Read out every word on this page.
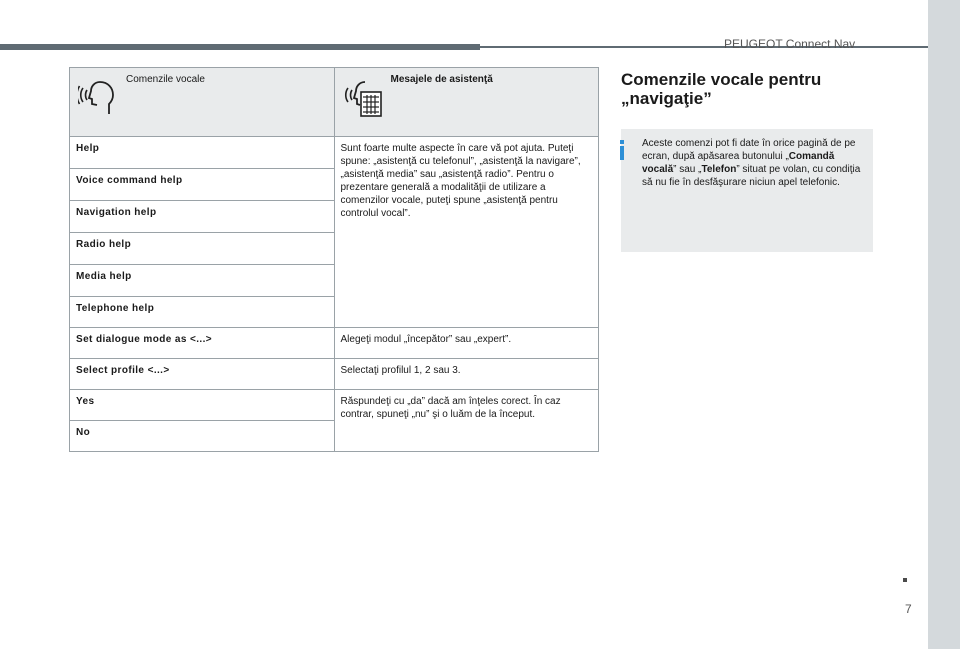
PEUGEOT Connect Nav
Comenzile vocale	Mesajele de asistenţă

Help	Sunt foarte multe aspecte în care vă pot ajuta. Puteţi spune: „asistenţă cu telefonul”, „asistenţă la navigare”, „asistenţă media” sau „asistenţă radio”. Pentru o prezentare generală a modalităţii de utilizare a comenzilor vocale, puteţi spune „asistenţă pentru controlul vocal”.
Voice command help	
Navigation help	
Radio help	
Media help	
Telephone help	
Set dialogue mode as <...>	Alegeţi modul „începător” sau „expert”.
Select profile <...>	Selectaţi profilul 1, 2 sau 3.
Yes	Răspundeţi cu „da” dacă am înţeles corect. În caz contrar, spuneţi „nu” şi o luăm de la început.
No	
Comenzile vocale pentru „navigaţie”

Aceste comenzi pot fi date în orice pagină de pe ecran, după apăsarea butonului „Comandă vocală” sau „Telefon” situat pe volan, cu condiţia să nu fie în desfăşurare niciun apel telefonic.

7
